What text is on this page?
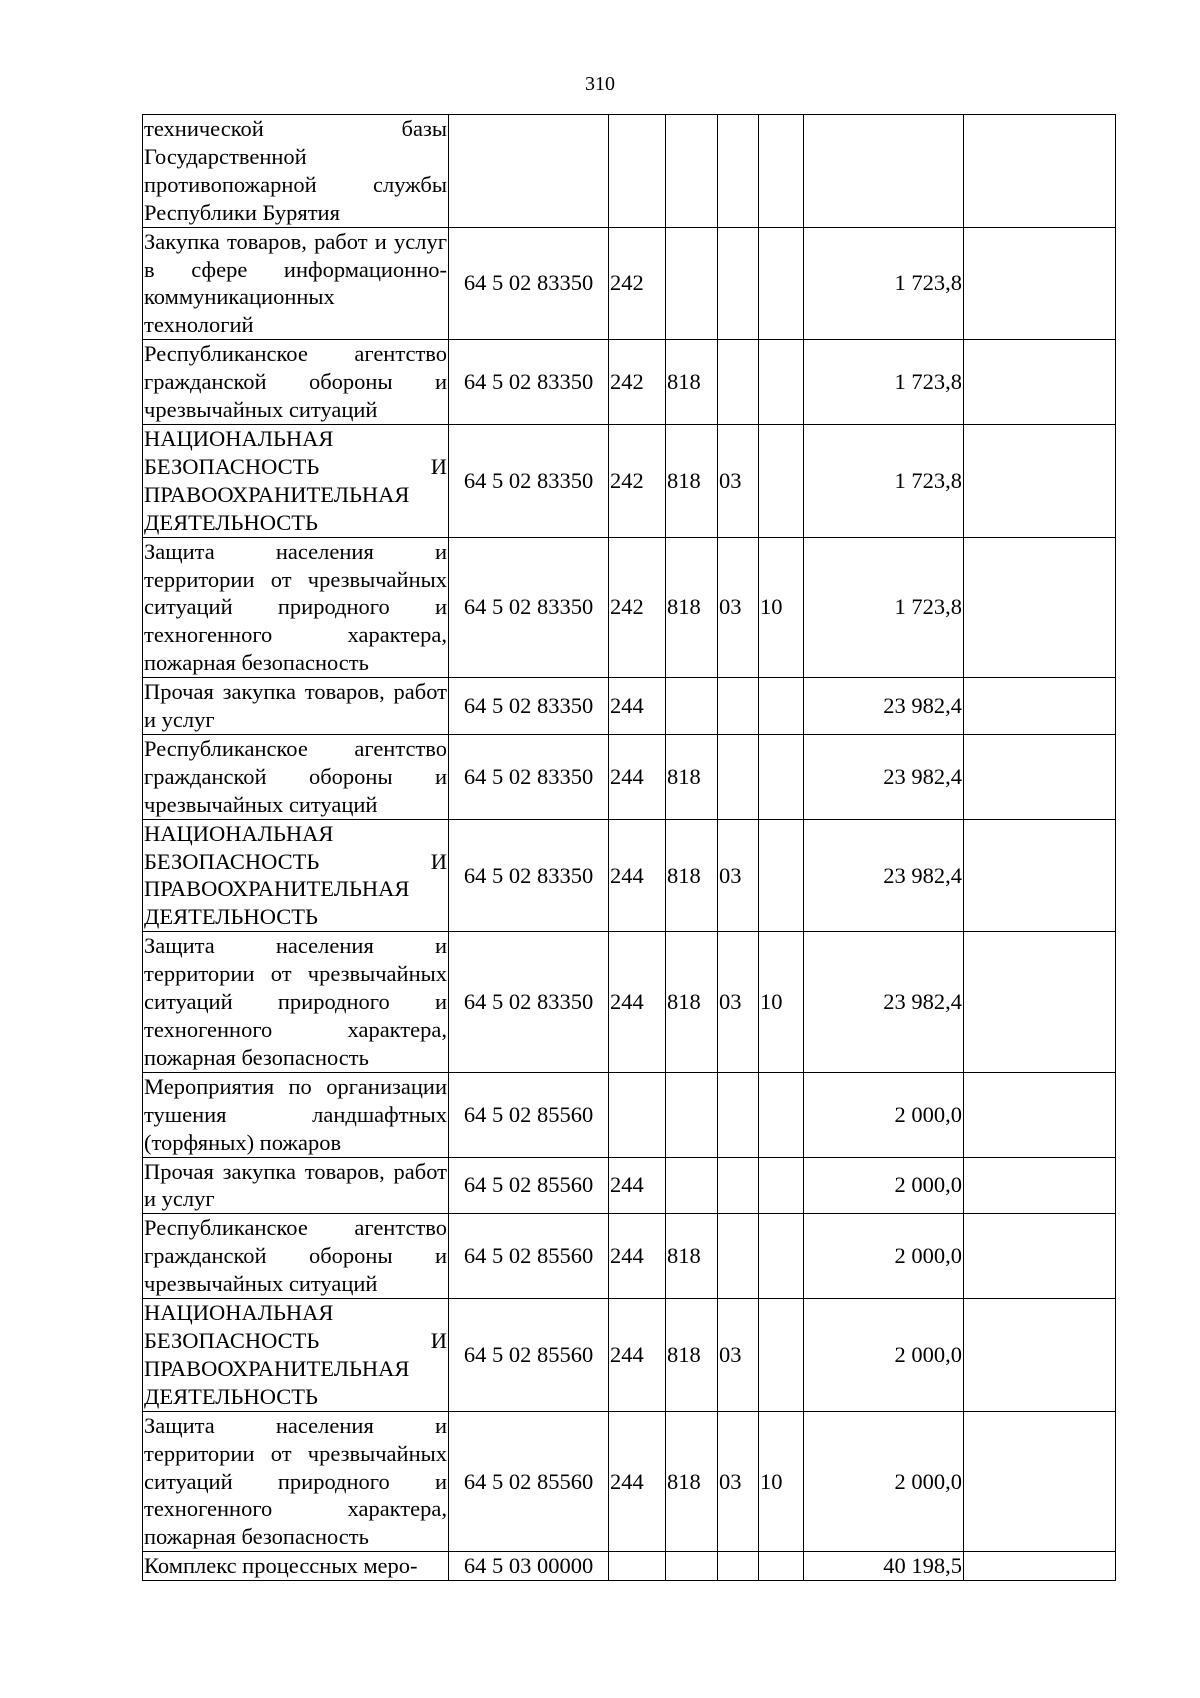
310
технической базы Государственной противопожарной службы Республики Бурятия							
Закупка товаров, работ и услуг в сфере информационно-коммуникационных технологий	64 5 02 83350	242				1 723,8	
Республиканское агентство гражданской обороны и чрезвычайных ситуаций	64 5 02 83350	242	818			1 723,8	
НАЦИОНАЛЬНАЯ БЕЗОПАСНОСТЬ И ПРАВООХРАНИТЕЛЬНАЯ ДЕЯТЕЛЬНОСТЬ	64 5 02 83350	242	818	03		1 723,8	
Защита населения и территории от чрезвычайных ситуаций природного и техногенного характера, пожарная безопасность	64 5 02 83350	242	818	03	10	1 723,8	
Прочая закупка товаров, работ и услуг	64 5 02 83350	244				23 982,4	
Республиканское агентство гражданской обороны и чрезвычайных ситуаций	64 5 02 83350	244	818			23 982,4	
НАЦИОНАЛЬНАЯ БЕЗОПАСНОСТЬ И ПРАВООХРАНИТЕЛЬНАЯ ДЕЯТЕЛЬНОСТЬ	64 5 02 83350	244	818	03		23 982,4	
Защита населения и территории от чрезвычайных ситуаций природного и техногенного характера, пожарная безопасность	64 5 02 83350	244	818	03	10	23 982,4	
Мероприятия по организации тушения ландшафтных (торфяных) пожаров	64 5 02 85560					2 000,0	
Прочая закупка товаров, работ и услуг	64 5 02 85560	244				2 000,0	
Республиканское агентство гражданской обороны и чрезвычайных ситуаций	64 5 02 85560	244	818			2 000,0	
НАЦИОНАЛЬНАЯ БЕЗОПАСНОСТЬ И ПРАВООХРАНИТЕЛЬНАЯ ДЕЯТЕЛЬНОСТЬ	64 5 02 85560	244	818	03		2 000,0	
Защита населения и территории от чрезвычайных ситуаций природного и техногенного характера, пожарная безопасность	64 5 02 85560	244	818	03	10	2 000,0	
Комплекс процессных меро-	64 5 03 00000					40 198,5	
